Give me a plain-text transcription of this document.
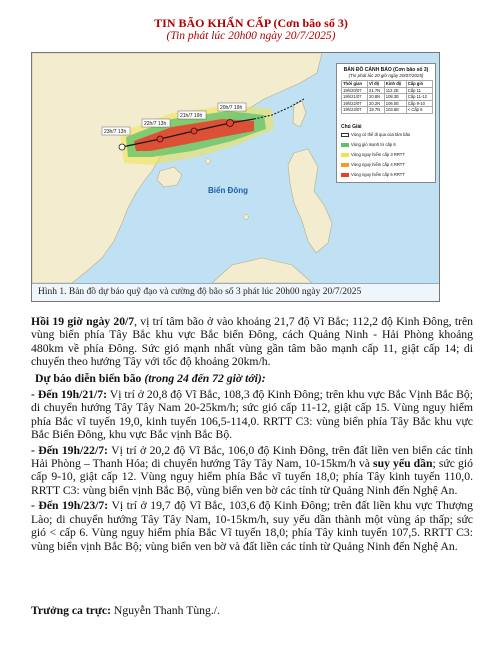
TIN BÃO KHẨN CẤP (Cơn bão số 3)
(Tin phát lúc 20h00 ngày 20/7/2025)
23h/7 13h
22h/7 13h
21h/7 19h
20h/7 19h
Biển Đông
BẢN ĐỒ CẢNH BÁO (Cơn bão số 3)
(Tin phát lúc 20 giờ ngày 20/07/2025)
Thời gian	Vĩ độ	Kinh độ	Cấp gió
19h/20/07	21.7N	112.2E	Cấp 11
19h/21/07	20.8N	108.3E	Cấp 11-12
19h/22/07	20.2N	106.0E	Cấp 9-10
19h/23/07	19.7N	103.6E	< Cấp 6
Chú Giải
Vùng có thể đi qua của tâm bão
Vùng gió mạnh từ cấp 6
Vùng nguy hiểm cấp 3 RRTT
Vùng nguy hiểm cấp 4 RRTT
Vùng nguy hiểm cấp 5 RRTT
Hình 1. Bản đồ dự báo quỹ đạo và cường độ bão số 3 phát lúc 20h00 ngày 20/7/2025

Hồi 19 giờ ngày 20/7, vị trí tâm bão ở vào khoảng 21,7 độ Vĩ Bắc; 112,2 độ Kinh Đông, trên vùng biển phía Tây Bắc khu vực Bắc biển Đông, cách Quảng Ninh - Hải Phòng khoảng 480km về phía Đông. Sức gió mạnh nhất vùng gần tâm bão mạnh cấp 11, giật cấp 14; di chuyển theo hướng Tây với tốc độ khoảng 20km/h.

Dự báo diễn biến bão (trong 24 đến 72 giờ tới):

- Đến 19h/21/7: Vị trí ở 20,8 độ Vĩ Bắc, 108,3 độ Kinh Đông; trên khu vực Bắc Vịnh Bắc Bộ; di chuyển hướng Tây Tây Nam 20-25km/h; sức gió cấp 11-12, giật cấp 15. Vùng nguy hiểm phía Bắc vĩ tuyến 19,0, kinh tuyến 106,5-114,0. RRTT C3: vùng biển phía Tây Bắc khu vực Bắc Biển Đông, khu vực Bắc vịnh Bắc Bộ.

- Đến 19h/22/7: Vị trí ở 20,2 độ Vĩ Bắc, 106,0 độ Kinh Đông, trên đất liền ven biển các tỉnh Hải Phòng – Thanh Hóa; di chuyển hướng Tây Tây Nam, 10-15km/h và suy yếu dần; sức gió cấp 9-10, giật cấp 12. Vùng nguy hiểm phía Bắc vĩ tuyến 18,0; phía Tây kinh tuyến 110,0. RRTT C3: vùng biển vịnh Bắc Bộ, vùng biển ven bờ các tỉnh từ Quảng Ninh đến Nghệ An.

- Đến 19h/23/7: Vị trí ở 19,7 độ Vĩ Bắc, 103,6 độ Kinh Đông; trên đất liền khu vực Thượng Lào; di chuyển hướng Tây Tây Nam, 10-15km/h, suy yếu dần thành một vùng áp thấp; sức gió < cấp 6. Vùng nguy hiểm phía Bắc Vĩ tuyến 18,0; phía Tây kinh tuyến 107,5. RRTT C3: vùng biển vịnh Bắc Bộ; vùng biển ven bờ và đất liền các tỉnh từ Quảng Ninh đến Nghệ An.

Trưởng ca trực: Nguyễn Thanh Tùng./.
